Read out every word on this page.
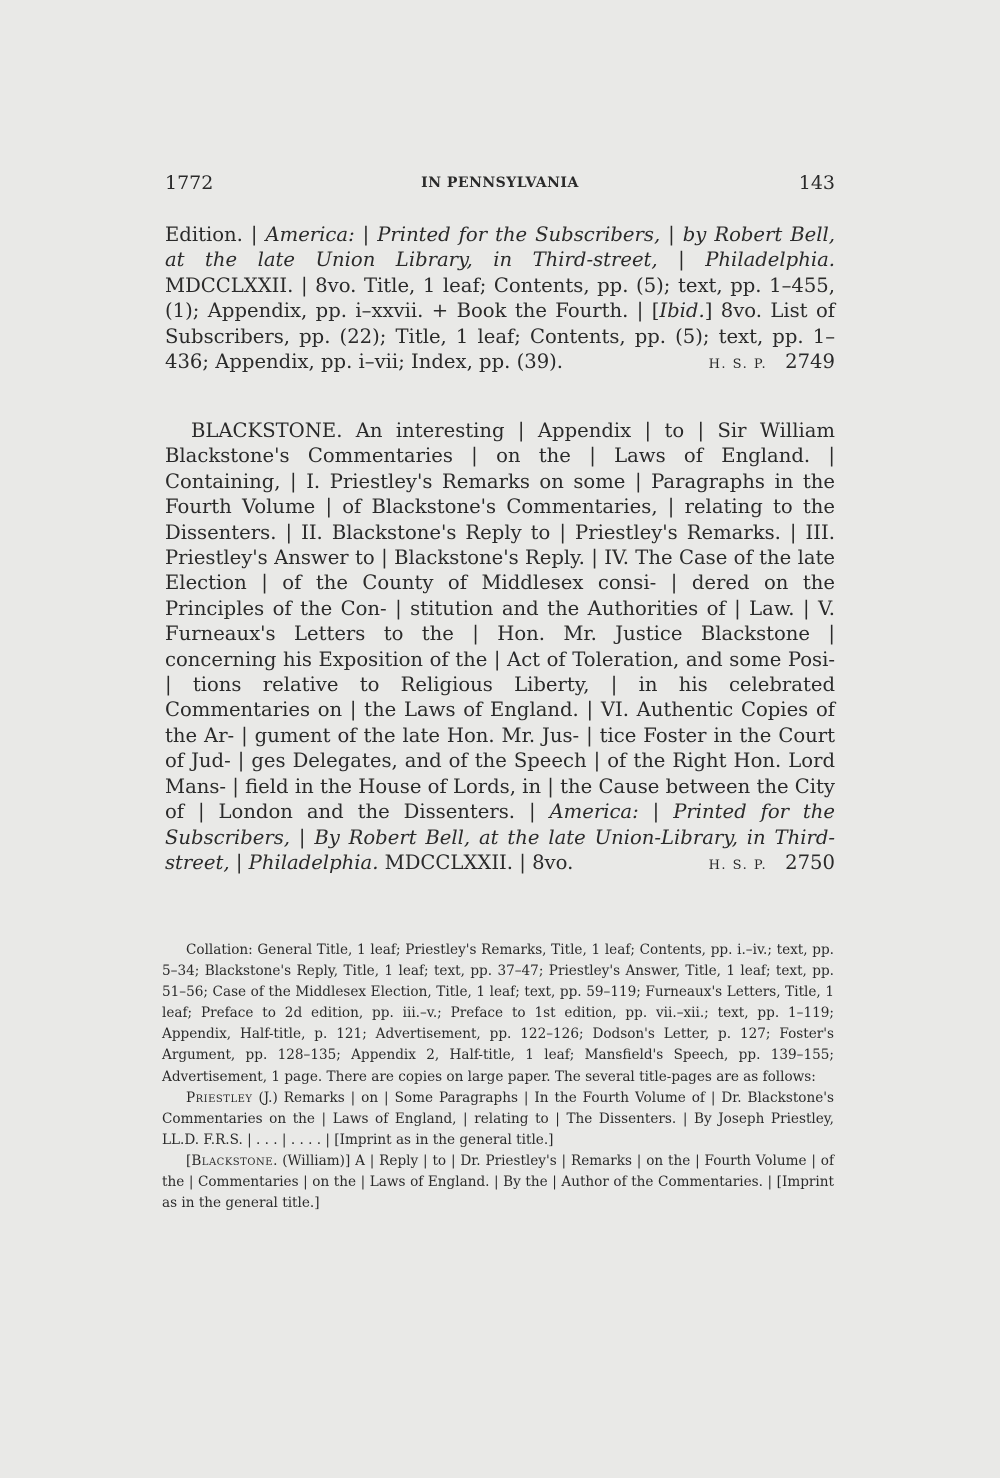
1772	IN PENNSYLVANIA	143
Edition. | America: | Printed for the Subscribers, | by Robert Bell, at the late Union Library, in Third-street, | Philadelphia. MDCCLXXII. | 8vo. Title, 1 leaf; Contents, pp. (5); text, pp. 1–455, (1); Appendix, pp. i–xxvii. + Book the Fourth. | [Ibid.] 8vo. List of Subscribers, pp. (22); Title, 1 leaf; Contents, pp. (5); text, pp. 1–436; Appendix, pp. i–vii; Index, pp. (39).	H. S. P. 2749
BLACKSTONE. An interesting | Appendix | to | Sir William Blackstone's Commentaries | on the | Laws of England. | Containing, | I. Priestley's Remarks on some | Paragraphs in the Fourth Volume | of Blackstone's Commentaries, | relating to the Dissenters. | II. Blackstone's Reply to | Priestley's Remarks. | III. Priestley's Answer to | Blackstone's Reply. | IV. The Case of the late Election | of the County of Middlesex consi- | dered on the Principles of the Con- | stitution and the Authorities of | Law. | V. Furneaux's Letters to the | Hon. Mr. Justice Blackstone | concerning his Exposition of the | Act of Toleration, and some Posi- | tions relative to Religious Liberty, | in his celebrated Commentaries on | the Laws of England. | VI. Authentic Copies of the Ar- | gument of the late Hon. Mr. Jus- | tice Foster in the Court of Jud- | ges Delegates, and of the Speech | of the Right Hon. Lord Mans- | field in the House of Lords, in | the Cause between the City of | London and the Dissenters. | America: | Printed for the Subscribers, | By Robert Bell, at the late Union-Library, in Third-street, | Philadelphia. MDCCLXXII. | 8vo.	H. S. P. 2750

Collation: General Title, 1 leaf; Priestley's Remarks, Title, 1 leaf; Contents, pp. i.–iv.; text, pp. 5–34; Blackstone's Reply, Title, 1 leaf; text, pp. 37–47; Priestley's Answer, Title, 1 leaf; text, pp. 51–56; Case of the Middlesex Election, Title, 1 leaf; text, pp. 59–119; Furneaux's Letters, Title, 1 leaf; Preface to 2d edition, pp. iii.–v.; Preface to 1st edition, pp. vii.–xii.; text, pp. 1–119; Appendix, Half-title, p. 121; Advertisement, pp. 122–126; Dodson's Letter, p. 127; Foster's Argument, pp. 128–135; Appendix 2, Half-title, 1 leaf; Mansfield's Speech, pp. 139–155; Advertisement, 1 page. There are copies on large paper. The several title-pages are as follows:

Priestley (J.) Remarks | on | Some Paragraphs | In the Fourth Volume of | Dr. Blackstone's Commentaries on the | Laws of England, | relating to | The Dissenters. | By Joseph Priestley, LL.D. F.R.S. | . . . | . . . . | [Imprint as in the general title.]

[Blackstone. (William)] A | Reply | to | Dr. Priestley's | Remarks | on the | Fourth Volume | of the | Commentaries | on the | Laws of England. | By the | Author of the Commentaries. | [Imprint as in the general title.]
